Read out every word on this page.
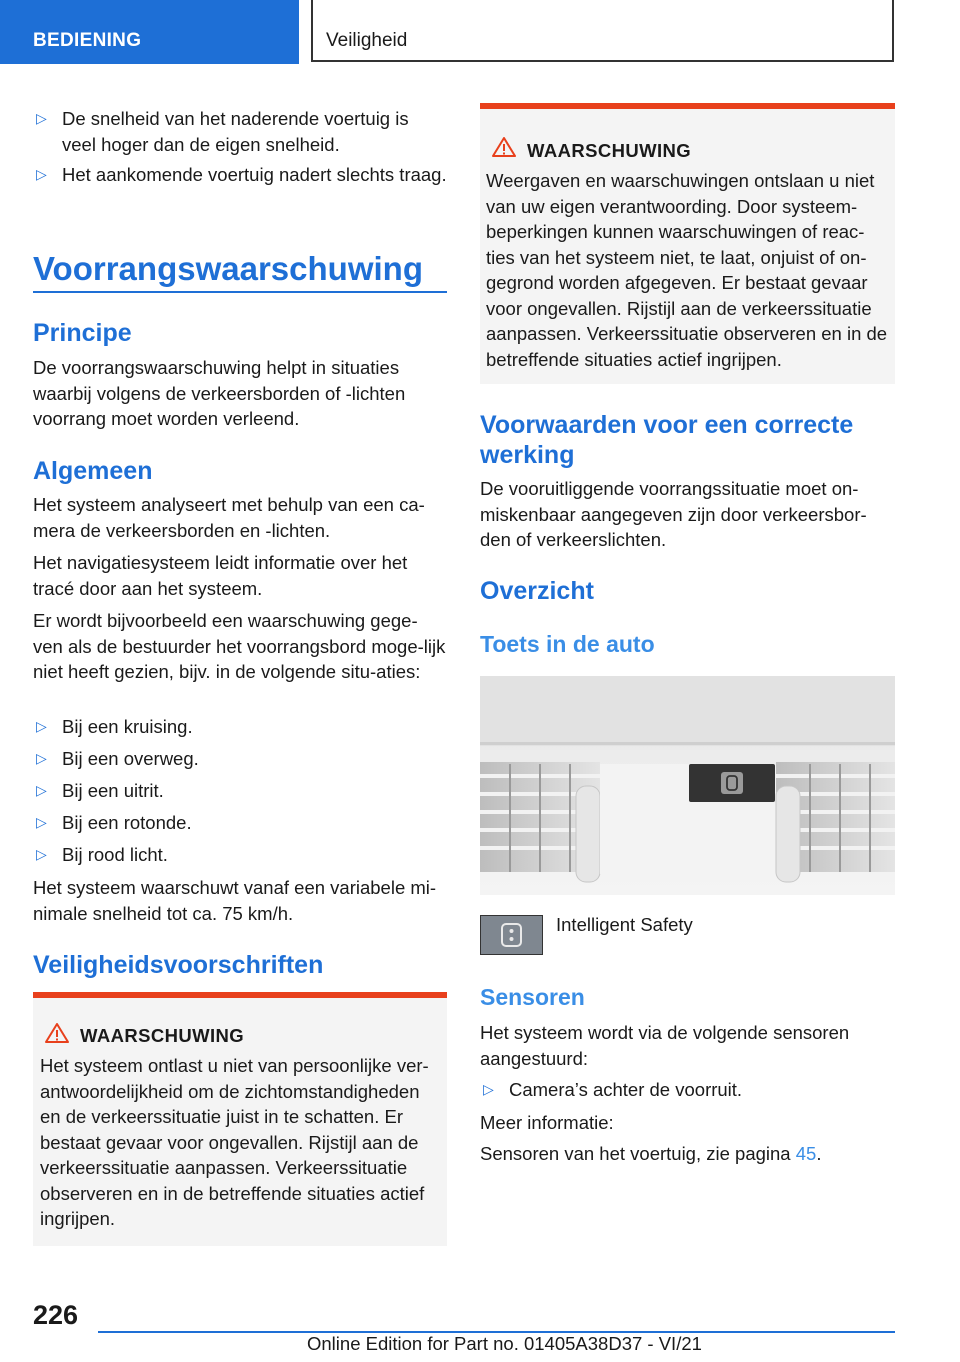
BEDIENING	Veiligheid
▷ De snelheid van het naderende voertuig is veel hoger dan de eigen snelheid.
▷ Het aankomende voertuig nadert slechts traag.
Voorrangswaarschuwing
Principe

De voorrangswaarschuwing helpt in situaties waarbij volgens de verkeersborden of -lichten voorrang moet worden verleend.

Algemeen

Het systeem analyseert met behulp van een ca-mera de verkeersborden en -lichten.

Het navigatiesysteem leidt informatie over het tracé door aan het systeem.

Er wordt bijvoorbeeld een waarschuwing gege-ven als de bestuurder het voorrangsbord moge-lijk niet heeft gezien, bijv. in de volgende situ-aties:

▷ Bij een kruising.
▷ Bij een overweg.
▷ Bij een uitrit.
▷ Bij een rotonde.
▷ Bij rood licht.

Het systeem waarschuwt vanaf een variabele mi-nimale snelheid tot ca. 75 km/h.

Veiligheidsvoorschriften
WAARSCHUWING

Het systeem ontlast u niet van persoonlijke ver-antwoordelijkheid om de zichtomstandigheden en de verkeerssituatie juist in te schatten. Er bestaat gevaar voor ongevallen. Rijstijl aan de verkeerssituatie aanpassen. Verkeerssituatie observeren en in de betreffende situaties actief ingrijpen.

WAARSCHUWING

Weergaven en waarschuwingen ontslaan u niet van uw eigen verantwoording. Door systeem-beperkingen kunnen waarschuwingen of reac-ties van het systeem niet, te laat, onjuist of on-gegrond worden afgegeven. Er bestaat gevaar voor ongevallen. Rijstijl aan de verkeerssituatie aanpassen. Verkeerssituatie observeren en in de betreffende situaties actief ingrijpen.

Voorwaarden voor een correcte werking

De vooruitliggende voorrangssituatie moet on-miskenbaar aangegeven zijn door verkeersbor-den of verkeerslichten.

Overzicht
Toets in de auto

Intelligent Safety

Sensoren

Het systeem wordt via de volgende sensoren aangestuurd:

▷ Camera’s achter de voorruit.

Meer informatie:

Sensoren van het voertuig, zie pagina 45.

226
Online Edition for Part no. 01405A38D37 - VI/21
